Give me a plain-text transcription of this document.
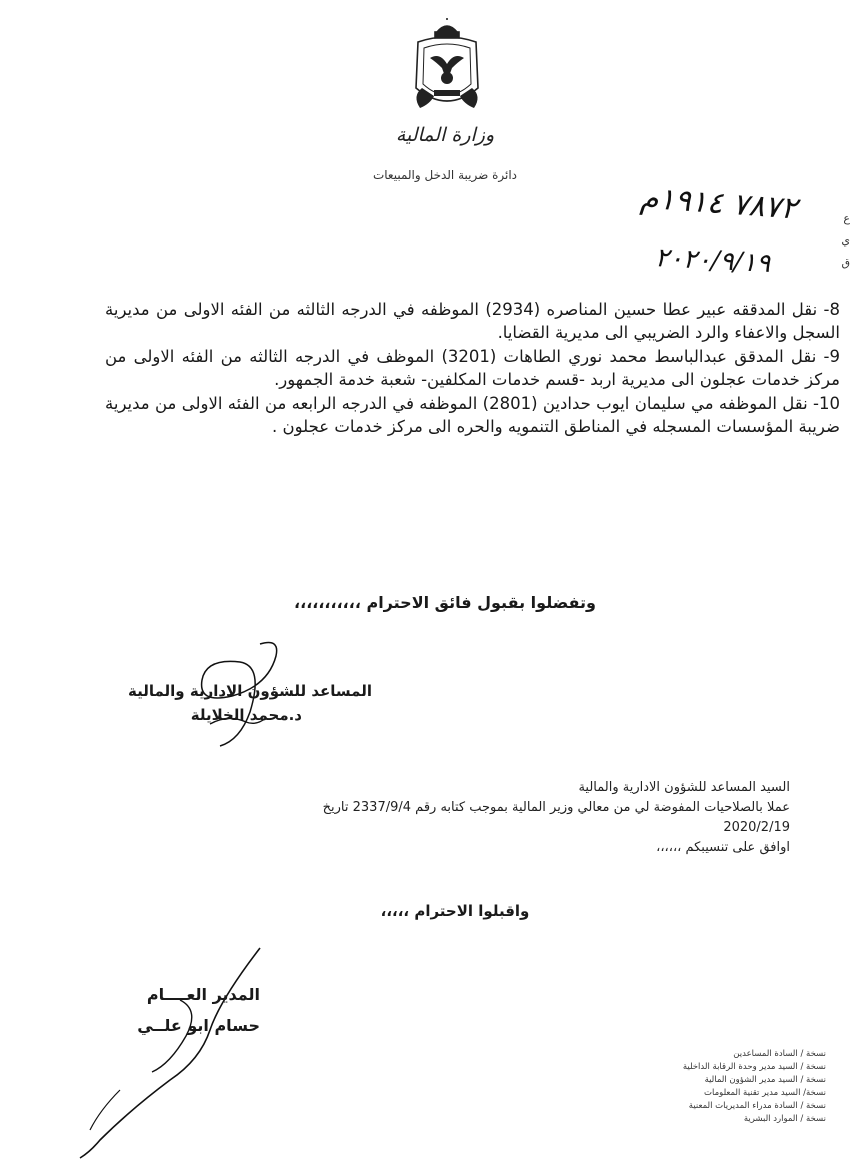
وزارة المالية
دائرة ضريبة الدخل والمبيعات
٧٨٧٢ ١٩١٤م
٢٠٢٠/٩/١٩
ع
ي
ق

8- نقل المدققه عبير عطا حسين المناصره (2934) الموظفه في الدرجه الثالثه من الفئه الاولى من مديرية السجل والاعفاء والرد الضريبي الى مديرية القضايا.

9- نقل المدقق عبدالباسط محمد نوري الطاهات (3201) الموظف في الدرجه الثالثه من الفئه الاولى من مركز خدمات عجلون الى مديرية اربد -قسم خدمات المكلفين- شعبة خدمة الجمهور.

10- نقل الموظفه مي سليمان ايوب حدادين (2801) الموظفه في الدرجه الرابعه من الفئه الاولى من مديرية ضريبة المؤسسات المسجله في المناطق التنمويه والحره الى مركز خدمات عجلون .

وتفضلوا بقبول فائق الاحترام ،،،،،،،،،،،
المساعد للشؤون الادارية والمالية
د.محمد الخلايلة

السيد المساعد للشؤون الادارية والمالية

عملا بالصلاحيات المفوضة لي من معالي وزير المالية بموجب كتابه رقم 2337/9/4 تاريخ

2020/2/19

اوافق على تنسيبكم ،،،،،،

واقبلوا الاحترام ،،،،،
المدير العــــام
حسام ابو علــي
نسخة / السادة المساعدين
نسخة / السيد مدير وحدة الرقابة الداخلية
نسخة / السيد مدير الشؤون المالية
نسخة/ السيد مدير تقنية المعلومات
نسخة / السادة مدراء المديريات المعنية
نسخة / الموارد البشرية
